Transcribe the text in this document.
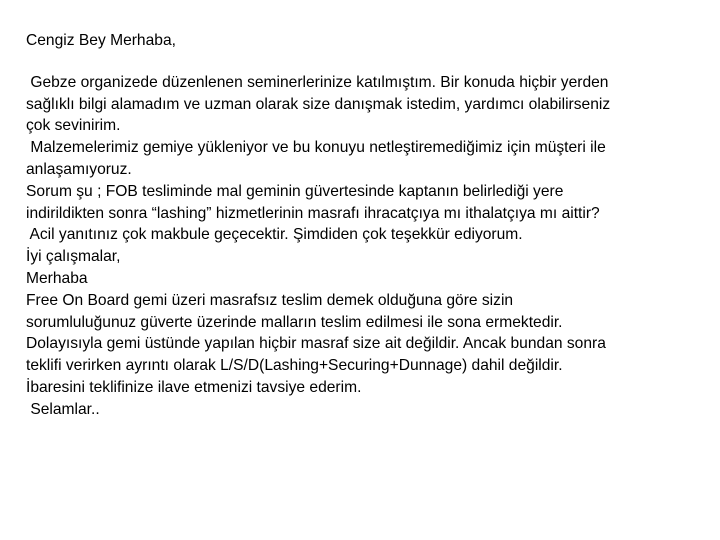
Cengiz Bey Merhaba,
Gebze organizede düzenlenen seminerlerinize katılmıştım. Bir konuda hiçbir yerden
sağlıklı bilgi alamadım ve uzman olarak size danışmak istedim, yardımcı olabilirseniz
çok sevinirim.
Malzemelerimiz gemiye yükleniyor ve bu konuyu netleştiremediğimiz için müşteri ile
anlaşamıyoruz.
Sorum şu ; FOB tesliminde mal geminin güvertesinde kaptanın belirlediği yere
indirildikten sonra “lashing” hizmetlerinin masrafı ihracatçıya mı ithalatçıya mı aittir?
Acil yanıtınız çok makbule geçecektir. Şimdiden çok teşekkür ediyorum.
İyi çalışmalar,
Merhaba
Free On Board gemi üzeri masrafsız teslim demek olduğuna göre sizin
sorumluluğunuz güverte üzerinde malların teslim edilmesi ile sona ermektedir.
Dolayısıyla gemi üstünde yapılan hiçbir masraf size ait değildir. Ancak bundan sonra
teklifi verirken ayrıntı olarak L/S/D(Lashing+Securing+Dunnage) dahil değildir.
İbaresini teklifinize ilave etmenizi tavsiye ederim.
Selamlar..
